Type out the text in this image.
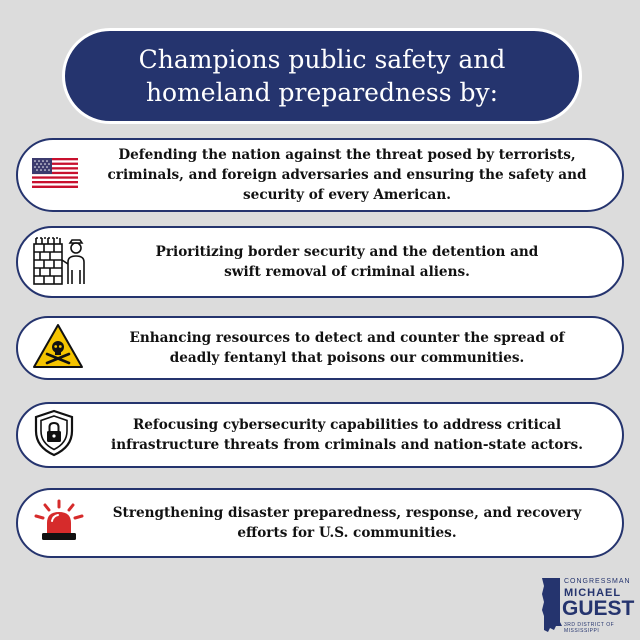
Champions public safety and
homeland preparedness by:
Defending the nation against the threat posed by terrorists,
criminals, and foreign adversaries and ensuring the safety and
security of every American.
Prioritizing border security and the detention and
swift removal of criminal aliens.
Enhancing resources to detect and counter the spread of
deadly fentanyl that poisons our communities.
Refocusing cybersecurity capabilities to address critical
infrastructure threats from criminals and nation-state actors.
Strengthening disaster preparedness, response, and recovery
efforts for U.S. communities.
CONGRESSMAN
MICHAEL
GUEST
3RD DISTRICT OF MISSISSIPPI
